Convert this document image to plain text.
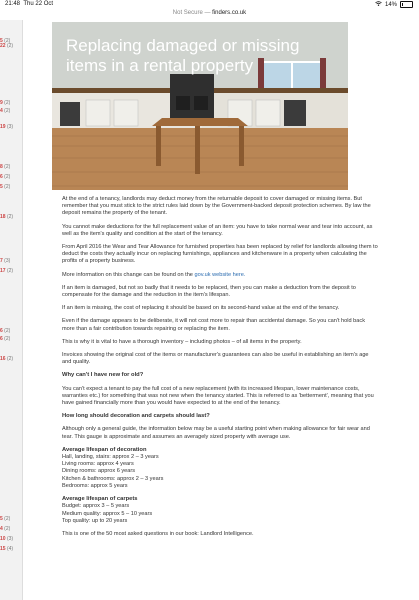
21:48 Thu 22 Oct	14%
Not Secure — finders.co.uk
5 (2)
22 (2)
9 (2)
4 (2)
19 (3)
8 (2)
6 (2)
5 (2)
18 (2)
7 (3)
17 (2)
6 (2)
6 (2)
16 (2)
5 (2)
4 (2)
10 (3)
15 (4)
Replacing damaged or missing
items in a rental property

At the end of a tenancy, landlords may deduct money from the returnable deposit to cover damaged or missing items. But remember that you must stick to the strict rules laid down by the Government-backed deposit protection schemes. By law the deposit remains the property of the tenant.

You cannot make deductions for the full replacement value of an item: you have to take normal wear and tear into account, as well as the item's quality and condition at the start of the tenancy.

From April 2016 the Wear and Tear Allowance for furnished properties has been replaced by relief for landlords allowing them to deduct the costs they actually incur on replacing furnishings, appliances and kitchenware in a property when calculating the profits of a property business.

More information on this change can be found on the gov.uk website here.

If an item is damaged, but not so badly that it needs to be replaced, then you can make a deduction from the deposit to compensate for the damage and the reduction in the item's lifespan.

If an item is missing, the cost of replacing it should be based on its second-hand value at the end of the tenancy.

Even if the damage appears to be deliberate, it will not cost more to repair than accidental damage. So you can't hold back more than a fair contribution towards repairing or replacing the item.

This is why it is vital to have a thorough inventory – including photos – of all items in the property.

Invoices showing the original cost of the items or manufacturer's guarantees can also be useful in establishing an item's age and quality.

Why can't I have new for old?

You can't expect a tenant to pay the full cost of a new replacement (with its increased lifespan, lower maintenance costs, warranties etc.) for something that was not new when the tenancy started. This is referred to as 'betterment', meaning that you have gained financially more than you would have expected to at the end of the tenancy.

How long should decoration and carpets should last?

Although only a general guide, the information below may be a useful starting point when making allowance for fair wear and tear. This gauge is approximate and assumes an averagely sized property with average use.

Average lifespan of decoration
Hall, landing, stairs: approx 2 – 3 years
Living rooms: approx 4 years
Dining rooms: approx 6 years
Kitchen & bathrooms: approx 2 – 3 years
Bedrooms: approx 5 years
Average lifespan of carpets
Budget: approx 3 – 5 years
Medium quality: approx 5 – 10 years
Top quality: up to 20 years

This is one of the 50 most asked questions in our book: Landlord Intelligence.
